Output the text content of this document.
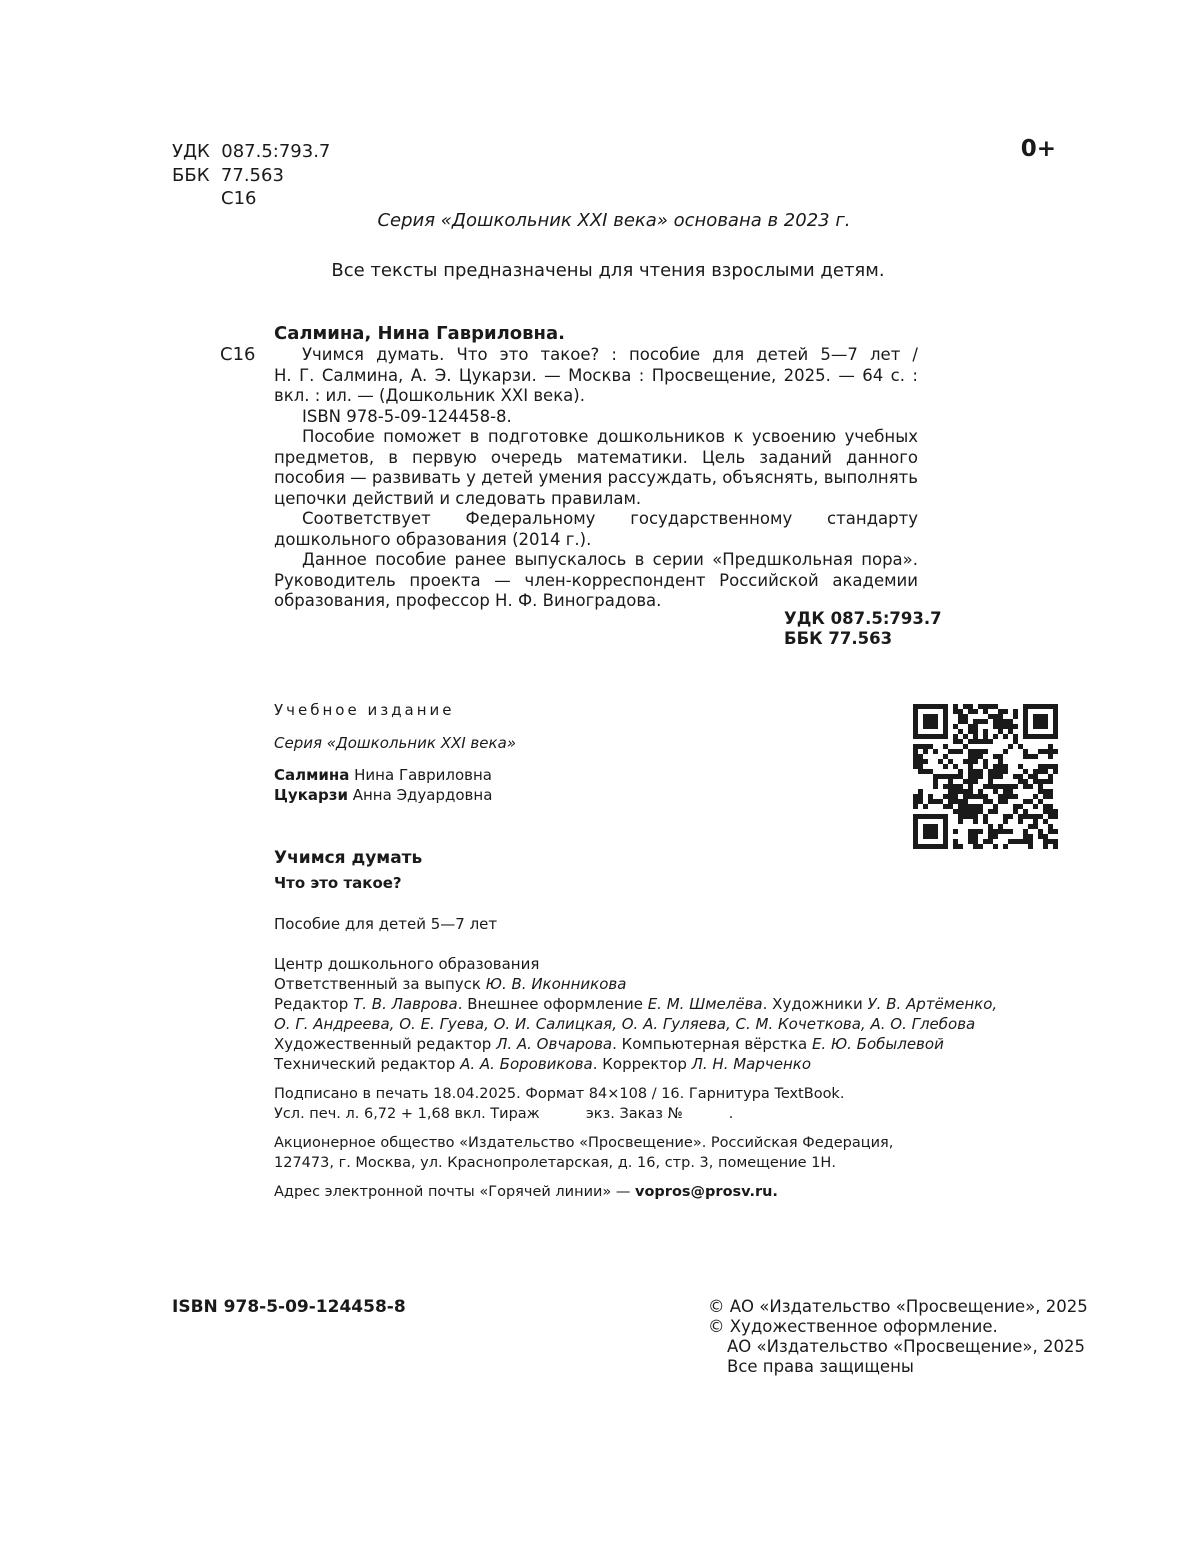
УДК  087.5:793.7
ББК  77.563
С16
0+
Серия «Дошкольник XXI века» основана в 2023 г.
Все тексты предназначены для чтения взрослыми детям.
Салмина, Нина Гавриловна.
С16	Учимся думать. Что это такое? : пособие для детей 5—7 лет /

Н. Г. Салмина, А. Э. Цукарзи. — Москва : Просвещение, 2025. — 64 с. :

вкл. : ил. — (Дошкольник XXI века).

ISBN 978-5-09-124458-8.

Пособие поможет в подготовке дошкольников к усвоению учебных предметов, в первую очередь математики. Цель заданий данного пособия — развивать у детей умения рассуждать, объяснять, выполнять цепочки действий и следовать правилам.

Соответствует Федеральному государственному стандарту дошкольного образования (2014 г.).

Данное пособие ранее выпускалось в серии «Предшкольная пора». Руководитель проекта — член-корреспондент Российской академии образования, профессор Н. Ф. Виноградова.

УДК 087.5:793.7
ББК 77.563
Учебное издание
Серия «Дошкольник XXI века»
Салмина Нина Гавриловна
Цукарзи Анна Эдуардовна
Учимся думать
Что это такое?
Пособие для детей 5—7 лет
Центр дошкольного образования
Ответственный за выпуск Ю. В. Иконникова
Редактор Т. В. Лаврова. Внешнее оформление Е. М. Шмелёва. Художники У. В. Артёменко,
О. Г. Андреева, О. Е. Гуева, О. И. Салицкая, О. А. Гуляева, С. М. Кочеткова, А. О. Глебова
Художественный редактор Л. А. Овчарова. Компьютерная вёрстка Е. Ю. Бобылевой
Технический редактор А. А. Боровикова. Корректор Л. Н. Марченко
Подписано в печать 18.04.2025. Формат 84×108 / 16. Гарнитура TextBook.
Усл. печ. л. 6,72 + 1,68 вкл. Тираж          экз. Заказ №          .
Акционерное общество «Издательство «Просвещение». Российская Федерация,
127473, г. Москва, ул. Краснопролетарская, д. 16, стр. 3, помещение 1Н.
Адрес электронной почты «Горячей линии» — vopros@prosv.ru.
ISBN 978-5-09-124458-8	© АО «Издательство «Просвещение», 2025
© Художественное оформление.
АО «Издательство «Просвещение», 2025
Все права защищены
